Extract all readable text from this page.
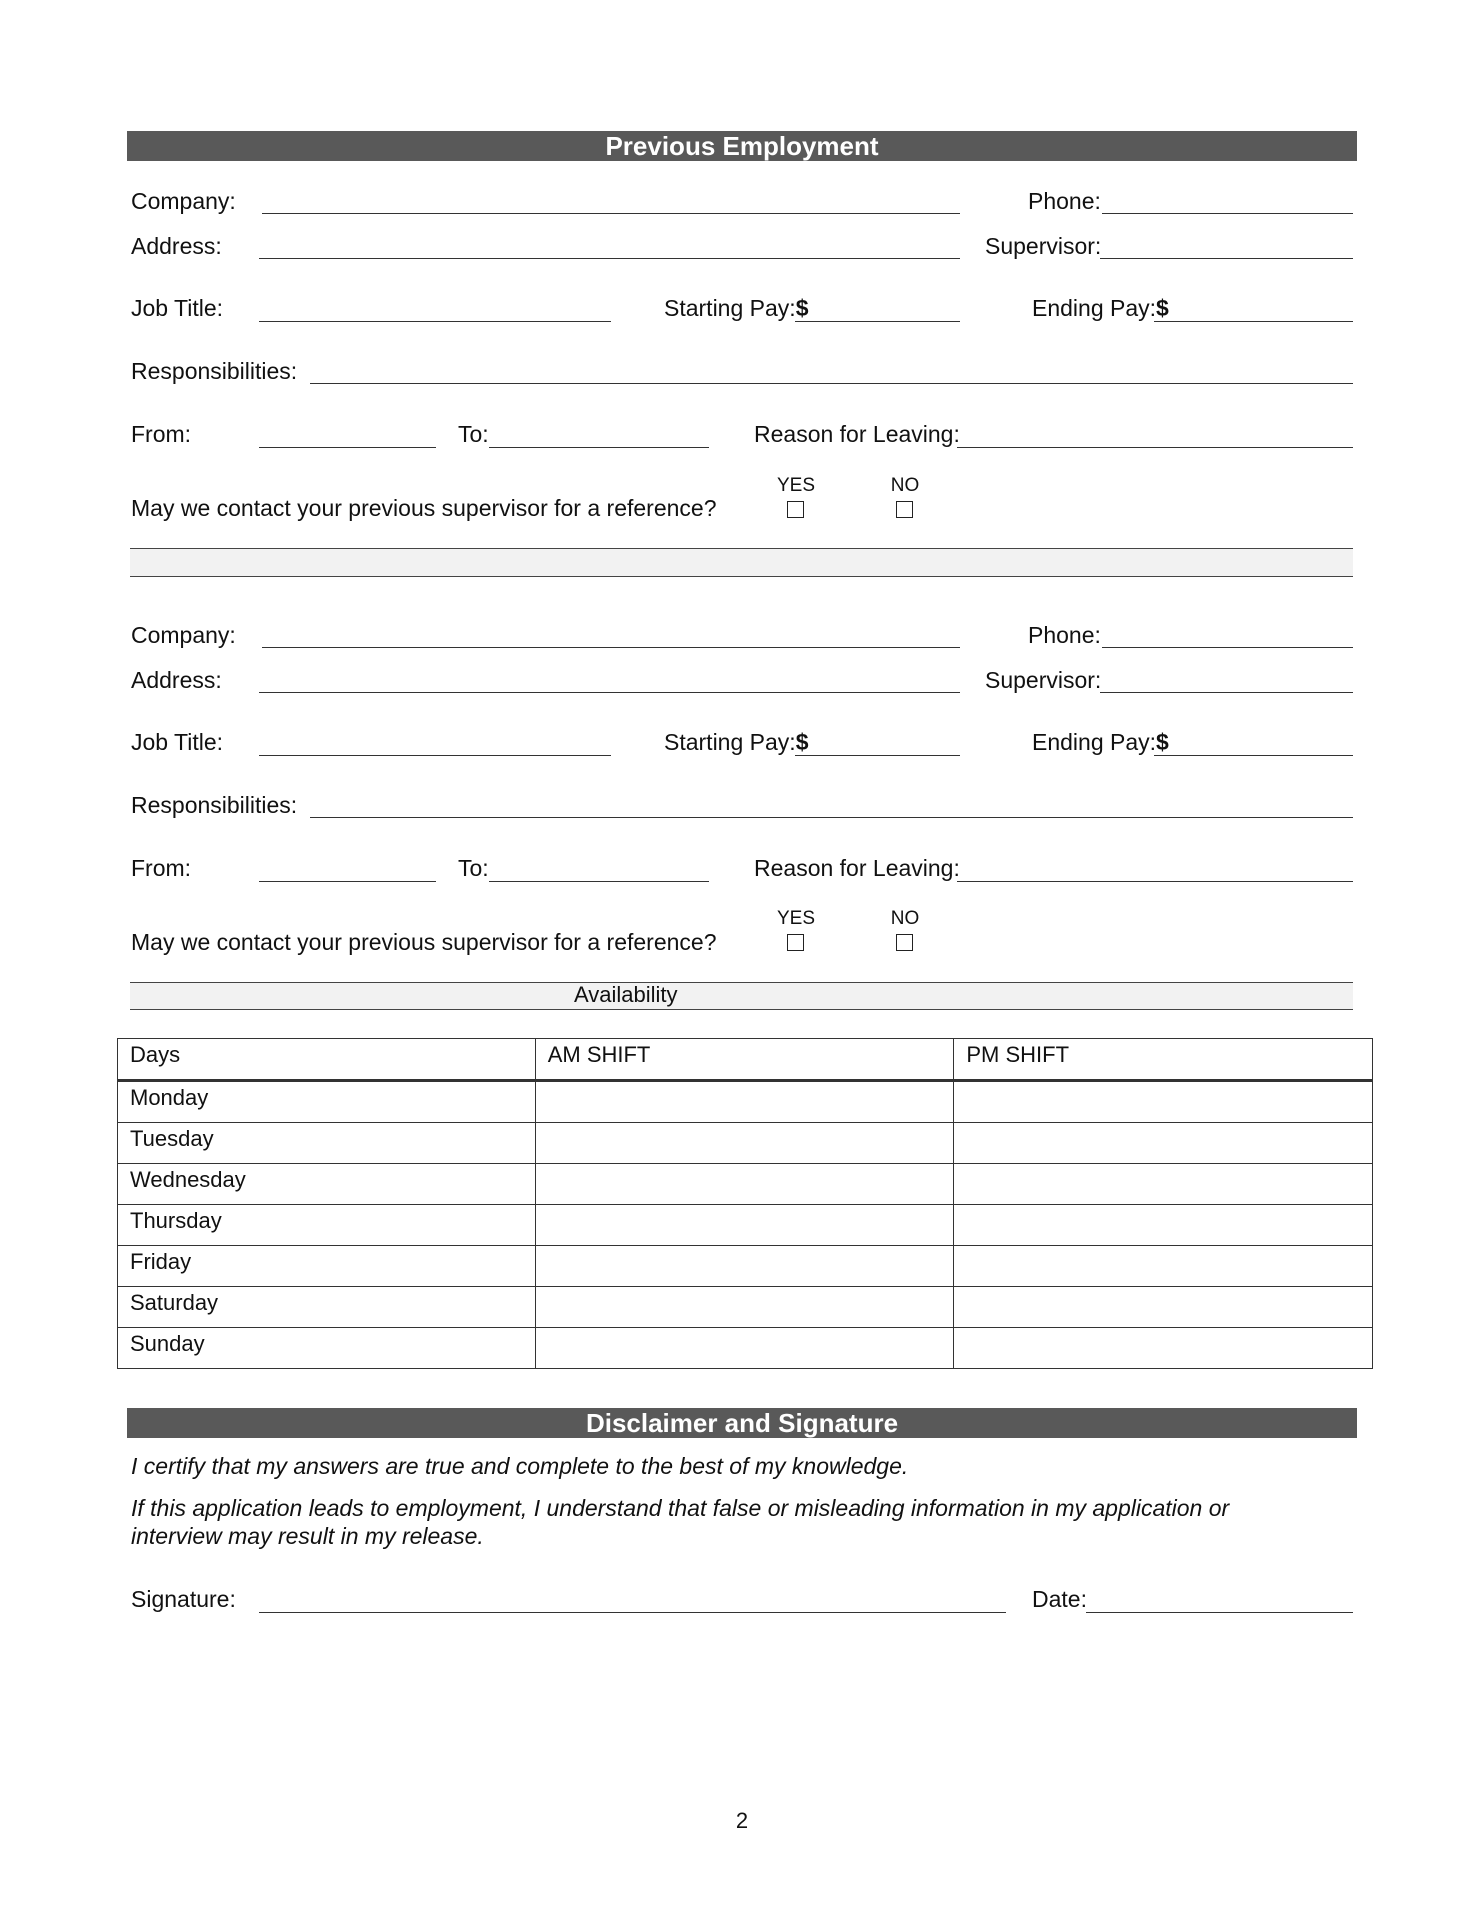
Previous Employment
Company:	Phone:
Address:	Supervisor:
Job Title:	Starting Pay:$	Ending Pay:$
Responsibilities:
From:	To:	Reason for Leaving:
May we contact your previous supervisor for a reference?
YES	NO
Company:	Phone:
Address:	Supervisor:
Job Title:	Starting Pay:$	Ending Pay:$
Responsibilities:
From:	To:	Reason for Leaving:
May we contact your previous supervisor for a reference?
YES	NO
Availability
Days	AM SHIFT	PM SHIFT
Monday		
Tuesday		
Wednesday		
Thursday		
Friday		
Saturday		
Sunday		
Disclaimer and Signature
I certify that my answers are true and complete to the best of my knowledge.
If this application leads to employment, I understand that false or misleading information in my application or
interview may result in my release.
Signature:	Date:
2
